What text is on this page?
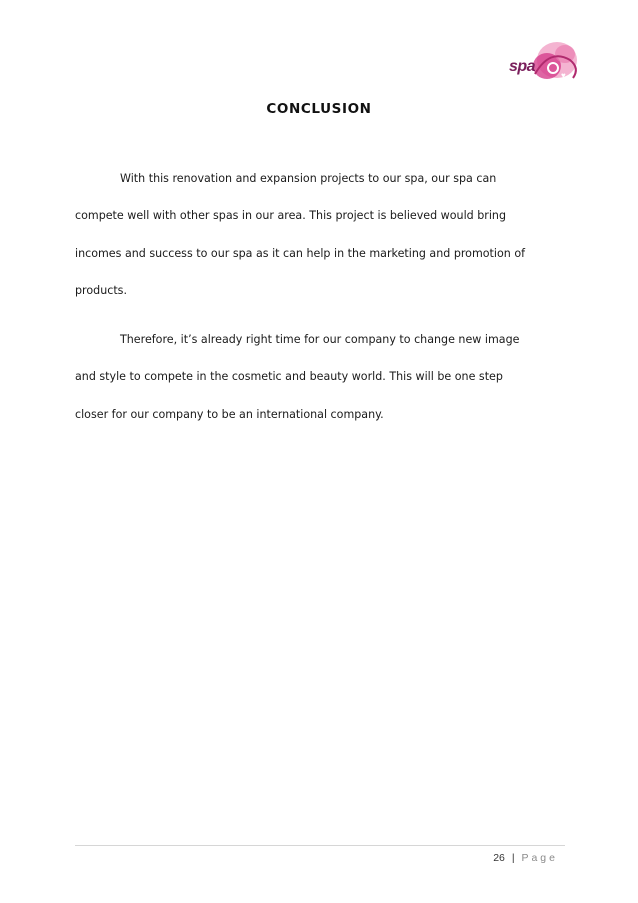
♥
spa
CONCLUSION

With this renovation and expansion projects to our spa, our spa can
compete well with other spas in our area. This project is believed would bring
incomes and success to our spa as it can help in the marketing and promotion of
products.

Therefore, it’s already right time for our company to change new image
and style to compete in the cosmetic and beauty world. This will be one step
closer for our company to be an international company.

26 | Page
